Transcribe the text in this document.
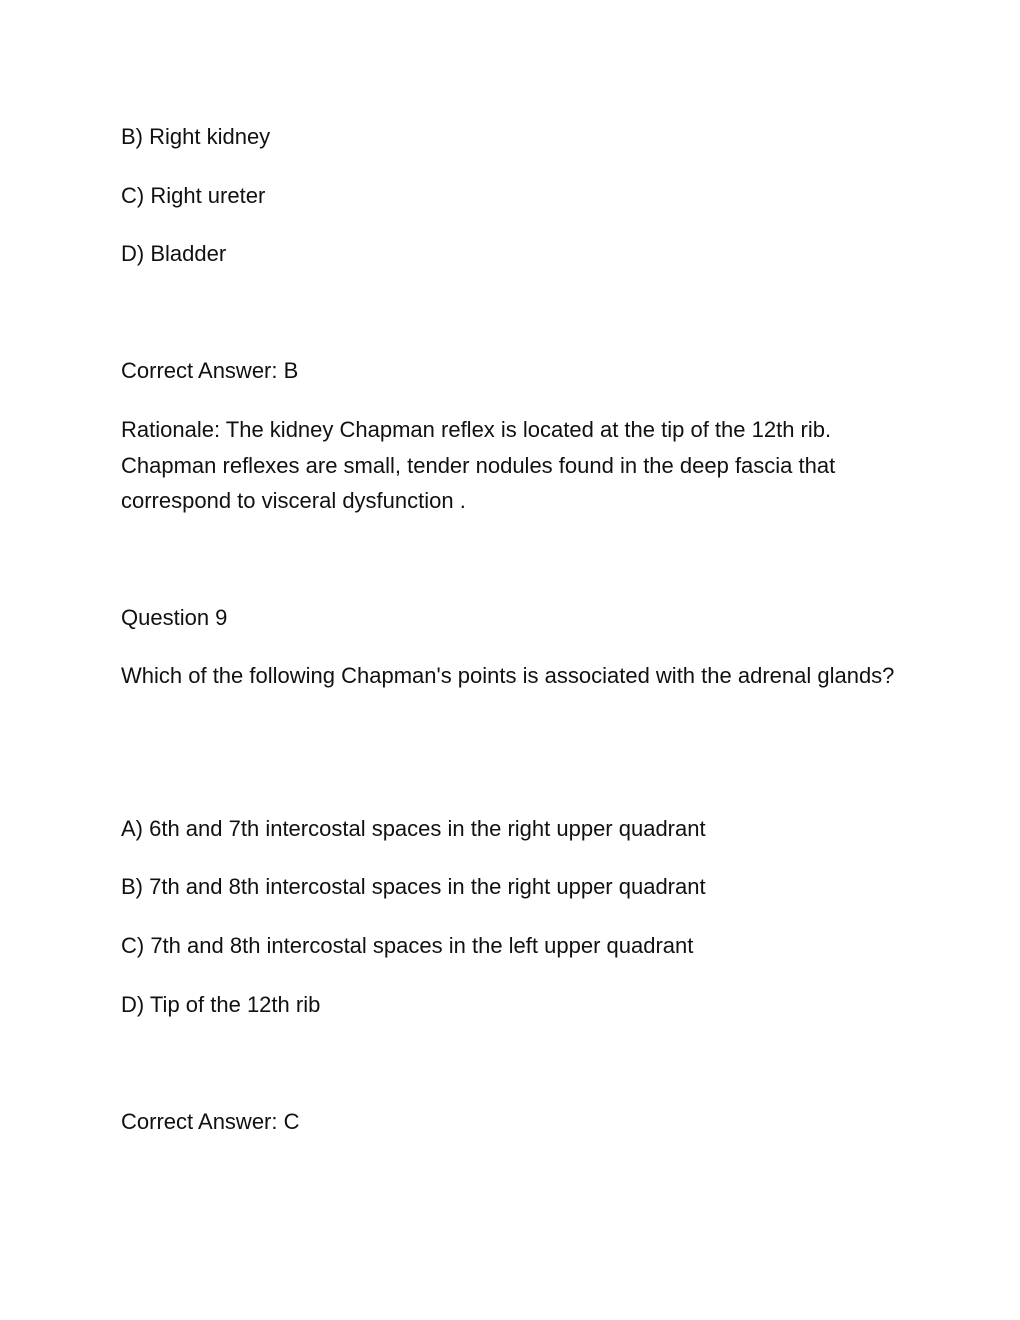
B) Right kidney
C) Right ureter
D) Bladder
Correct Answer: B
Rationale: The kidney Chapman reflex is located at the tip of the 12th rib. Chapman reflexes are small, tender nodules found in the deep fascia that correspond to visceral dysfunction .
Question 9
Which of the following Chapman's points is associated with the adrenal glands?
A) 6th and 7th intercostal spaces in the right upper quadrant
B) 7th and 8th intercostal spaces in the right upper quadrant
C) 7th and 8th intercostal spaces in the left upper quadrant
D) Tip of the 12th rib
Correct Answer: C
